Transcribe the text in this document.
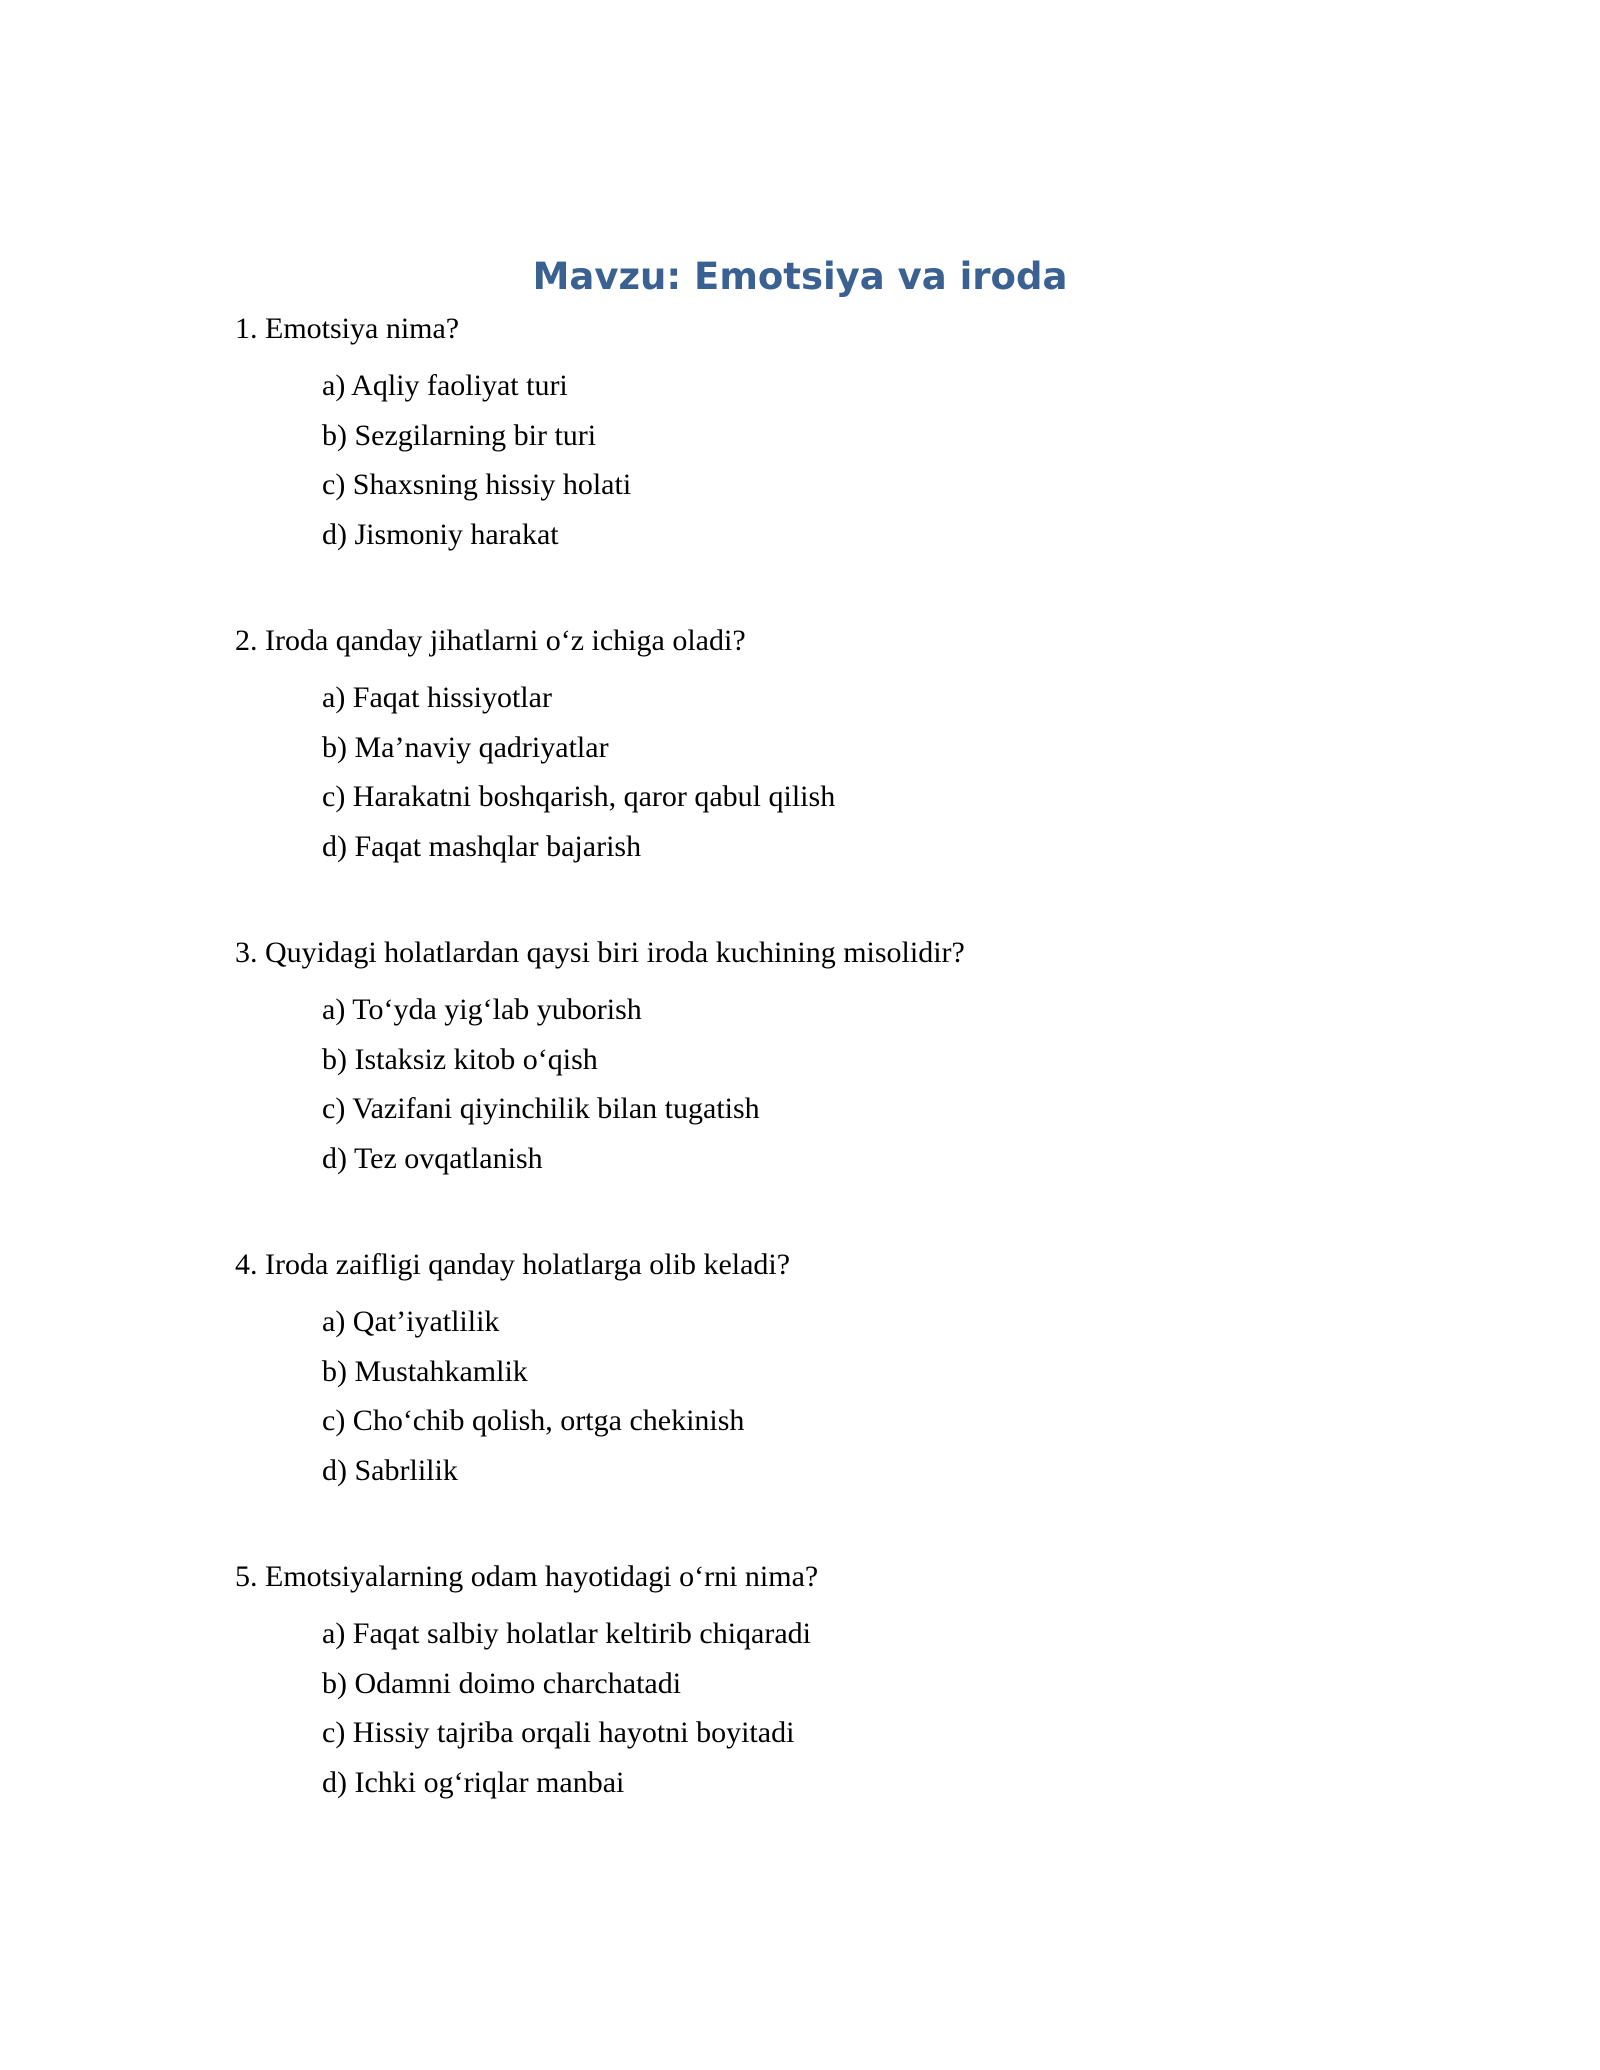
Mavzu: Emotsiya va iroda

1. Emotsiya nima?

a) Aqliy faoliyat turi
b) Sezgilarning bir turi
c) Shaxsning hissiy holati
d) Jismoniy harakat

2. Iroda qanday jihatlarni o‘z ichiga oladi?

a) Faqat hissiyotlar
b) Ma’naviy qadriyatlar
c) Harakatni boshqarish, qaror qabul qilish
d) Faqat mashqlar bajarish

3. Quyidagi holatlardan qaysi biri iroda kuchining misolidir?

a) To‘yda yig‘lab yuborish
b) Istaksiz kitob o‘qish
c) Vazifani qiyinchilik bilan tugatish
d) Tez ovqatlanish

4. Iroda zaifligi qanday holatlarga olib keladi?

a) Qat’iyatlilik
b) Mustahkamlik
c) Cho‘chib qolish, ortga chekinish
d) Sabrlilik

5. Emotsiyalarning odam hayotidagi o‘rni nima?

a) Faqat salbiy holatlar keltirib chiqaradi
b) Odamni doimo charchatadi
c) Hissiy tajriba orqali hayotni boyitadi
d) Ichki og‘riqlar manbai
